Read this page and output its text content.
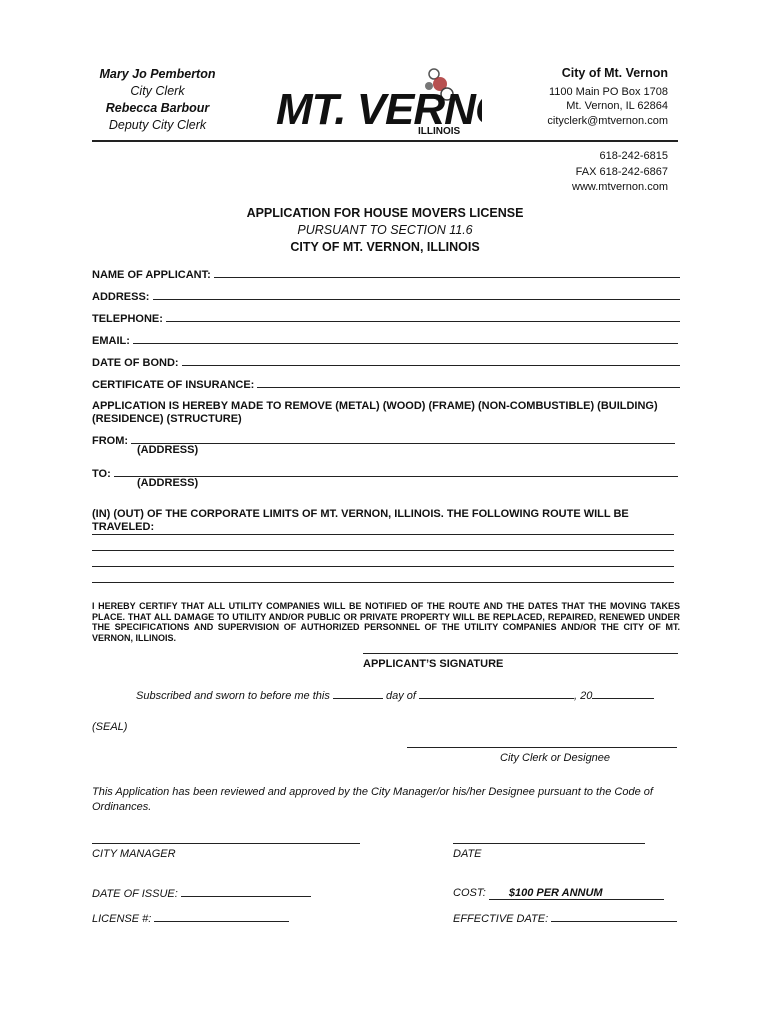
Mary Jo Pemberton
City Clerk
Rebecca Barbour
Deputy City Clerk	MT. VERN
ILLINOIS
City of Mt. Vernon
1100 Main PO Box 1708
Mt. Vernon, IL 62864
cityclerk@mtvernon.com
618-242-6815
FAX 618-242-6867
www.mtvernon.com
APPLICATION FOR HOUSE MOVERS LICENSE
PURSUANT TO SECTION 11.6
CITY OF MT. VERNON, ILLINOIS
NAME OF APPLICANT:
ADDRESS:
TELEPHONE:
EMAIL:
DATE OF BOND:
CERTIFICATE OF INSURANCE:
APPLICATION IS HEREBY MADE TO REMOVE (METAL) (WOOD) (FRAME) (NON-COMBUSTIBLE) (BUILDING) (RESIDENCE) (STRUCTURE)
FROM:
(ADDRESS)
TO:
(ADDRESS)
(IN) (OUT) OF THE CORPORATE LIMITS OF MT. VERNON, ILLINOIS. THE FOLLOWING ROUTE WILL BE TRAVELED:
I HEREBY CERTIFY THAT ALL UTILITY COMPANIES WILL BE NOTIFIED OF THE ROUTE AND THE DATES THAT THE MOVING TAKES PLACE. THAT ALL DAMAGE TO UTILITY AND/OR PUBLIC OR PRIVATE PROPERTY WILL BE REPLACED, REPAIRED, RENEWED UNDER THE SPECIFICATIONS AND SUPERVISION OF AUTHORIZED PERSONNEL OF THE UTILITY COMPANIES AND/OR THE CITY OF MT. VERNON, ILLINOIS.
APPLICANT’S SIGNATURE
Subscribed and sworn to before me this	day of	, 20
(SEAL)
City Clerk or Designee
This Application has been reviewed and approved by the City Manager/or his/her Designee pursuant to the Code of Ordinances.
CITY MANAGER	DATE
DATE OF ISSUE:	COST: $100 PER ANNUM
LICENSE #:	EFFECTIVE DATE:
